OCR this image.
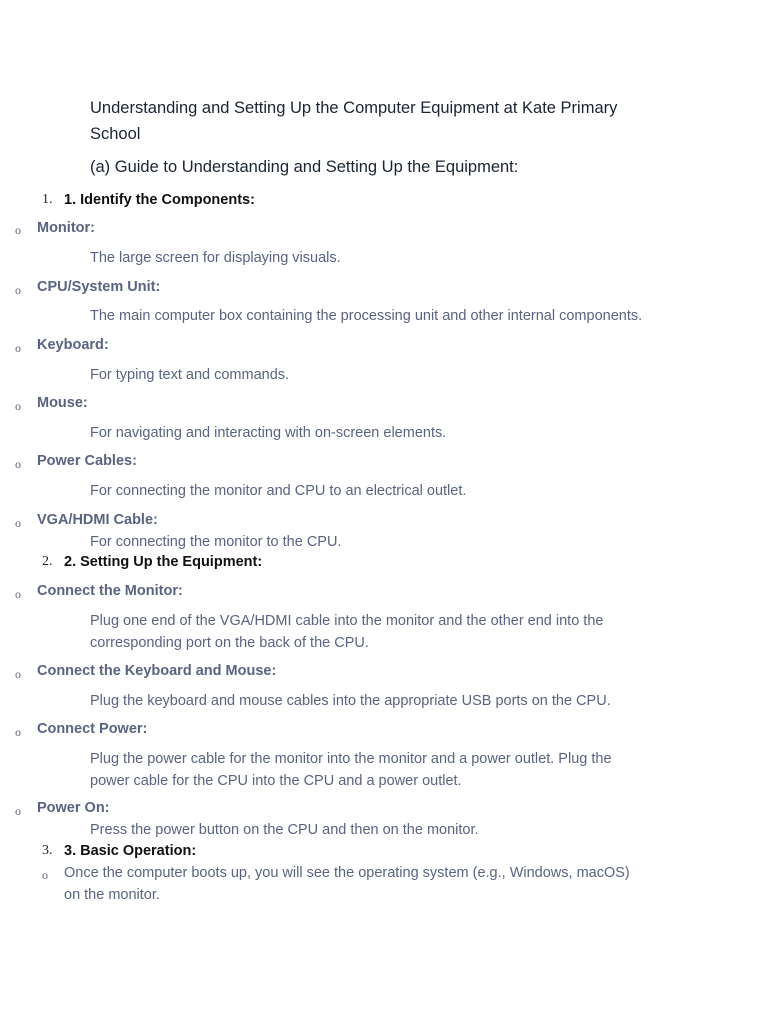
Understanding and Setting Up the Computer Equipment at Kate Primary
School
(a) Guide to Understanding and Setting Up the Equipment:
1. 1. Identify the Components:
o Monitor:
The large screen for displaying visuals.
o CPU/System Unit:
The main computer box containing the processing unit and other internal components.
o Keyboard:
For typing text and commands.
o Mouse:
For navigating and interacting with on-screen elements.
o Power Cables:
For connecting the monitor and CPU to an electrical outlet.
o VGA/HDMI Cable:
For connecting the monitor to the CPU.
2. 2. Setting Up the Equipment:
o Connect the Monitor:
Plug one end of the VGA/HDMI cable into the monitor and the other end into the
corresponding port on the back of the CPU.
o Connect the Keyboard and Mouse:
Plug the keyboard and mouse cables into the appropriate USB ports on the CPU.
o Connect Power:
Plug the power cable for the monitor into the monitor and a power outlet. Plug the
power cable for the CPU into the CPU and a power outlet.
o Power On:
Press the power button on the CPU and then on the monitor.
3. 3. Basic Operation:
o Once the computer boots up, you will see the operating system (e.g., Windows, macOS)
on the monitor.
